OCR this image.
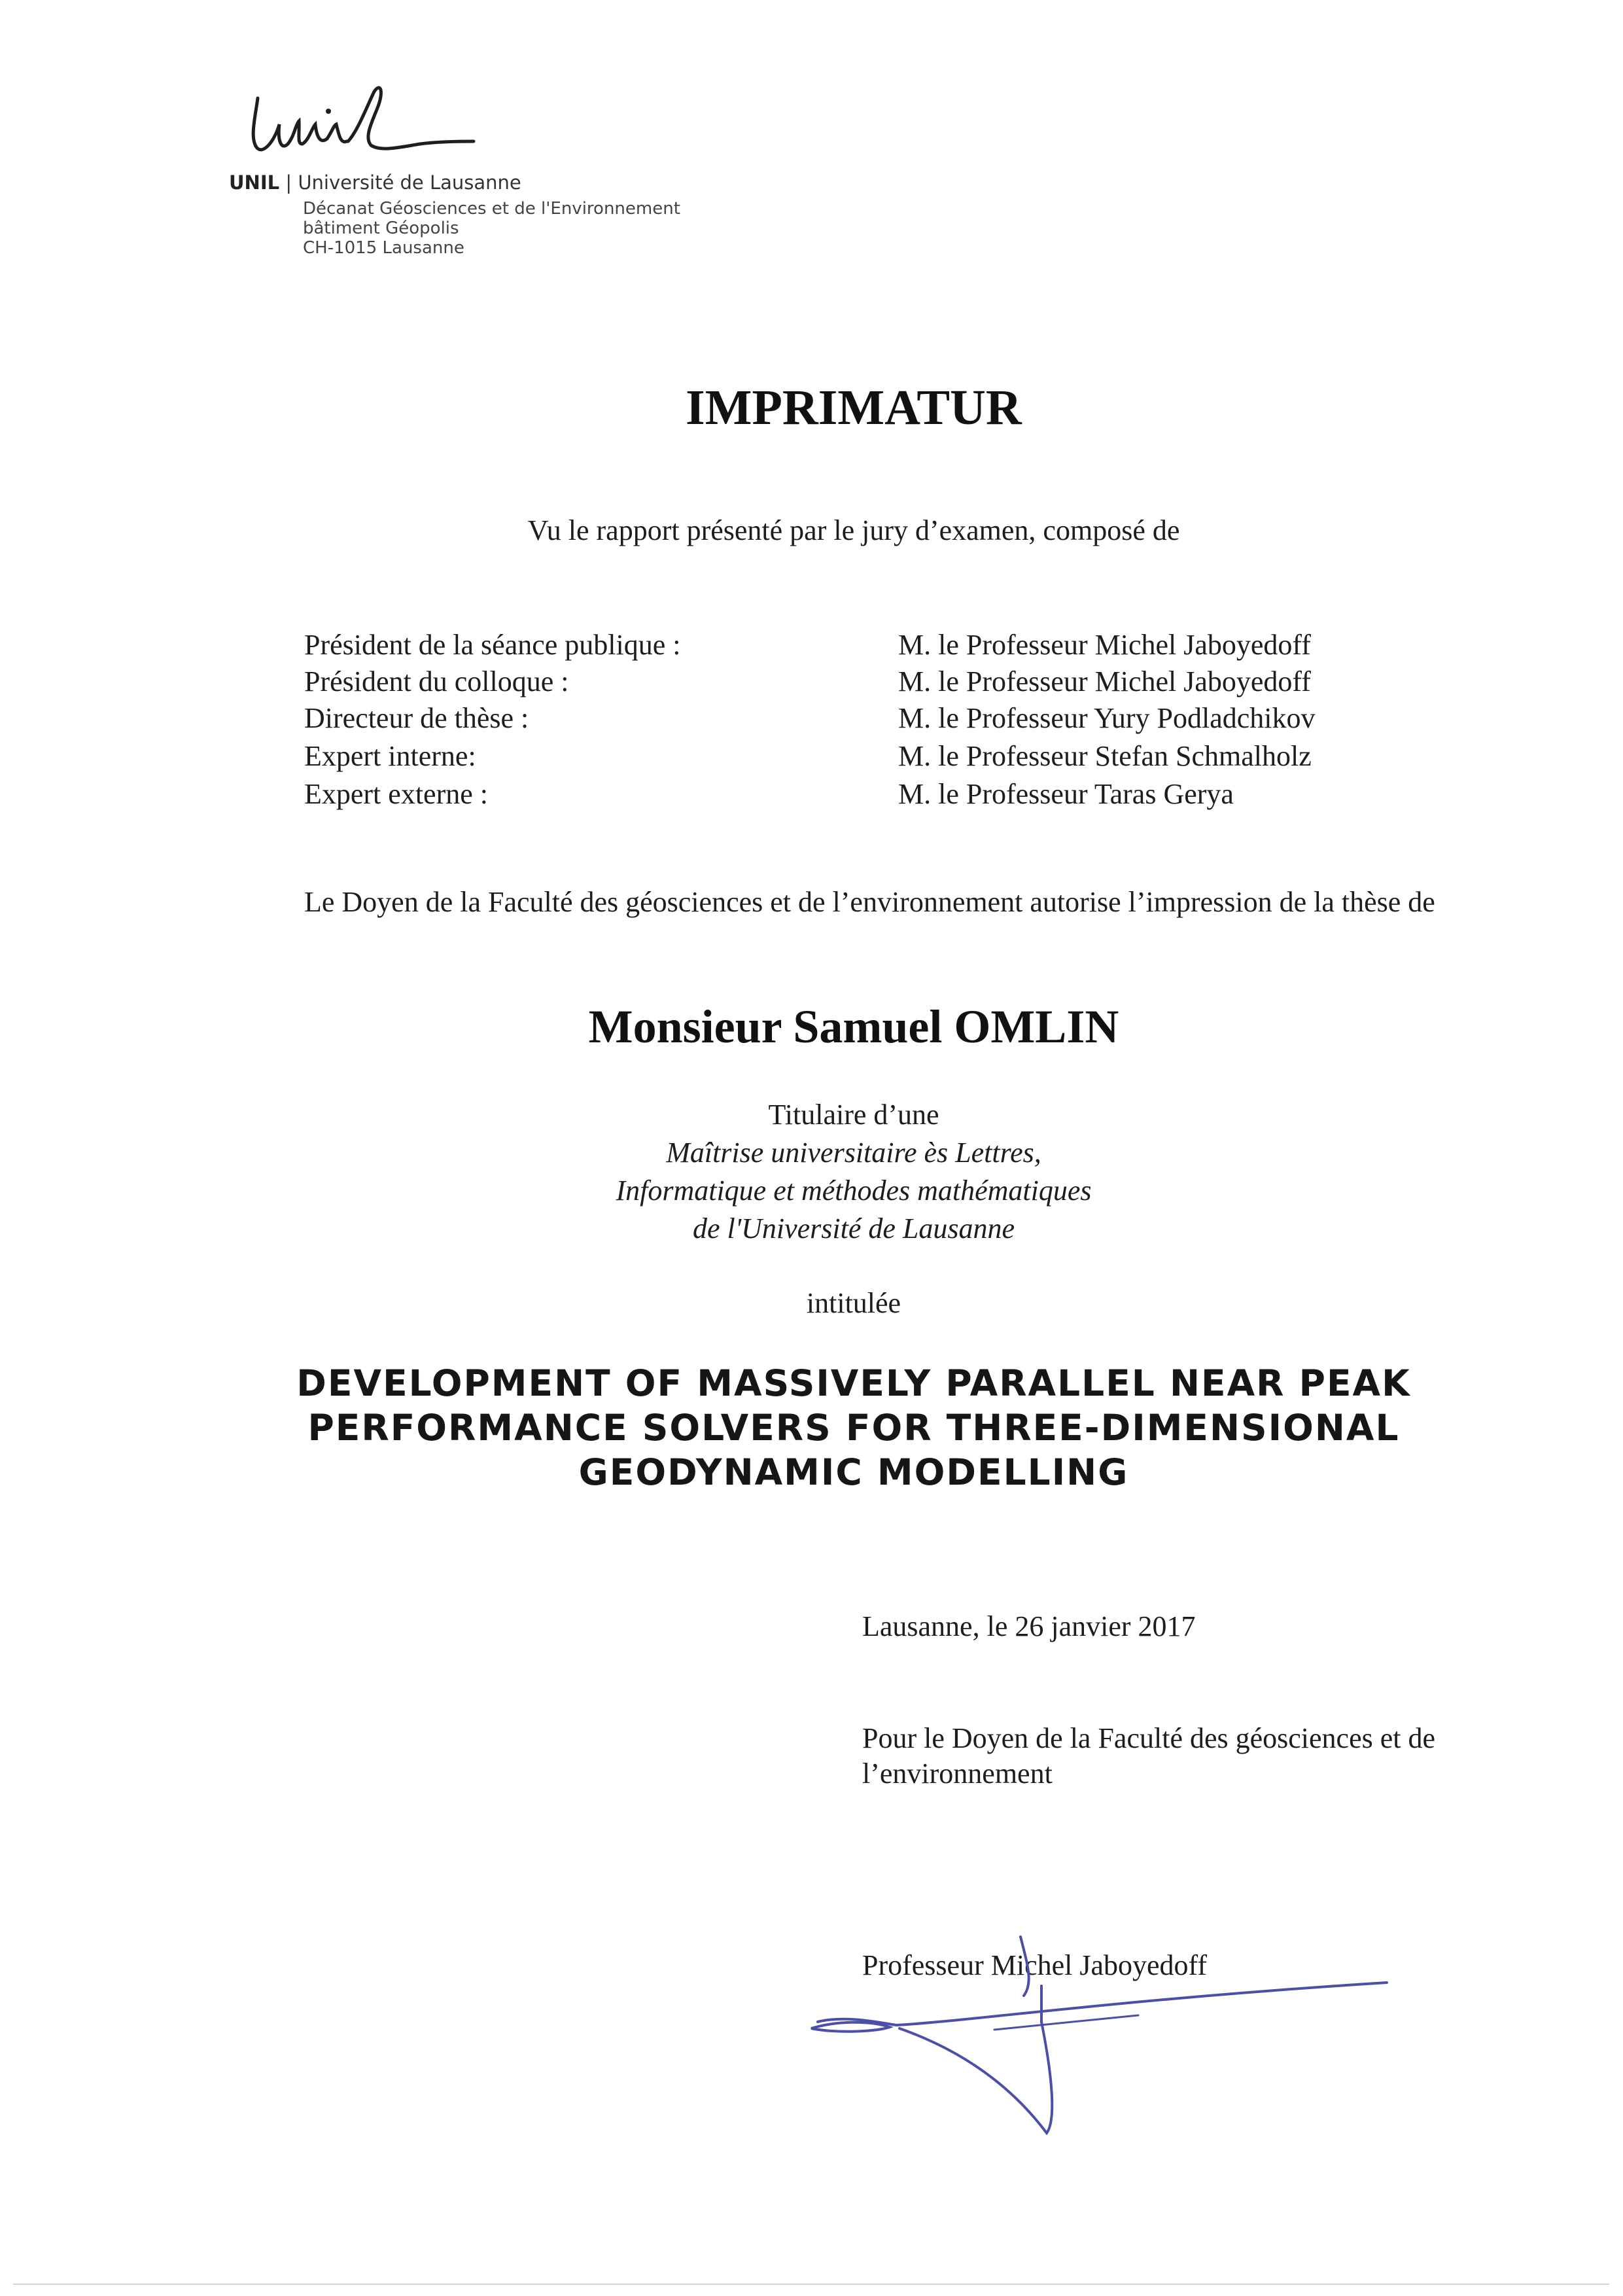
UNIL | Université de Lausanne
Décanat Géosciences et de l'Environnement
bâtiment Géopolis
CH-1015 Lausanne
IMPRIMATUR
Vu le rapport présenté par le jury d’examen, composé de
Président de la séance publique :	M. le Professeur Michel Jaboyedoff
Président du colloque :	M. le Professeur Michel Jaboyedoff
Directeur de thèse :	M. le Professeur Yury Podladchikov
Expert interne:	M. le Professeur Stefan Schmalholz
Expert externe :	M. le Professeur Taras Gerya
Le Doyen de la Faculté des géosciences et de l’environnement autorise l’impression de la thèse de
Monsieur Samuel OMLIN
Titulaire d’une
Maîtrise universitaire ès Lettres,
Informatique et méthodes mathématiques
de l'Université de Lausanne
intitulée
DEVELOPMENT OF MASSIVELY PARALLEL NEAR PEAK
PERFORMANCE SOLVERS FOR THREE-DIMENSIONAL
GEODYNAMIC MODELLING
Lausanne, le 26 janvier 2017
Pour le Doyen de la Faculté des géosciences et de l’environnement
Professeur Michel Jaboyedoff
